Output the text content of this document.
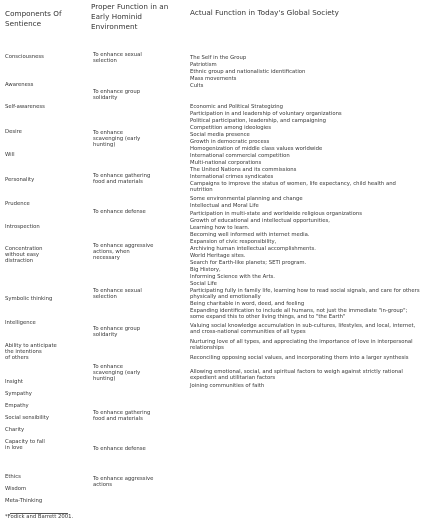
Components Of Sentience
Proper Function in an Early Hominid Environment
Actual Function in Today's Global Society
Consciousness
Awareness
Self-awareness
Desire
Will
Personality
Prudence
Introspection
Concentration
without easy
distraction
Symbolic thinking
Intelligence
Ability to anticipate
the intentions
of others
Insight
Sympathy
Empathy
Social sensibility
Charity
Capacity to fall
in love
Ethics
Wisdom
Meta-Thinking
*Fodick and Barrett 2001.
To enhance sexual
selection
To enhance group
solidarity
To enhance
scavenging (early
hunting)
To enhance gathering
food and materials
To enhance defense
To enhance aggressive
actions, when
necessary
To enhance sexual
selection
To enhance group
solidarity
To enhance
scavenging (early
hunting)
To enhance gathering
food and materials
To enhance defense
To enhance aggressive
actions
The Self in the Group
Patriotism
Ethnic group and nationalistic identification
Mass movements
Cults
Economic and Political Strategizing
Participation in and leadership of voluntary organizations
Political participation, leadership, and campaigning
Competition among ideologies
Social media presence
Growth in democratic process
Homogenization of middle class values worldwide
International commercial competition
Multi-national corporations
The United Nations and its commissions
International crimes syndicates
Campaigns to improve the status of women, life expectancy, child health and nutrition
Some environmental planning and change
Intellectual and Moral Life
Participation in multi-state and worldwide religious organizations
Growth of educational and intellectual opportunities,
Learning how to learn.
Becoming well informed with internet media.
Expansion of civic responsibility,
Archiving human intellectual accomplishments.
World Heritage sites.
Search for Earth-like planets; SETI program.
Big History,
Informing Science with the Arts.
Social Life
Participating fully in family life, learning how to read social signals, and care for others physically and emotionally
Being charitable in word, deed, and feeling
Expanding identification to include all humans, not just the immediate "in-group"; some expand this to other living things, and to "the Earth"
Valuing social knowledge accumulation in sub-cultures, lifestyles, and local, internet, and cross-national communities of all types
Nurturing love of all types, and appreciating the importance of love in interpersonal relationships
Reconciling opposing social values, and incorporating them into a larger synthesis
Allowing emotional, social, and spiritual factors to weigh against strictly rational expedient and utilitarian factors
Joining communities of faith
